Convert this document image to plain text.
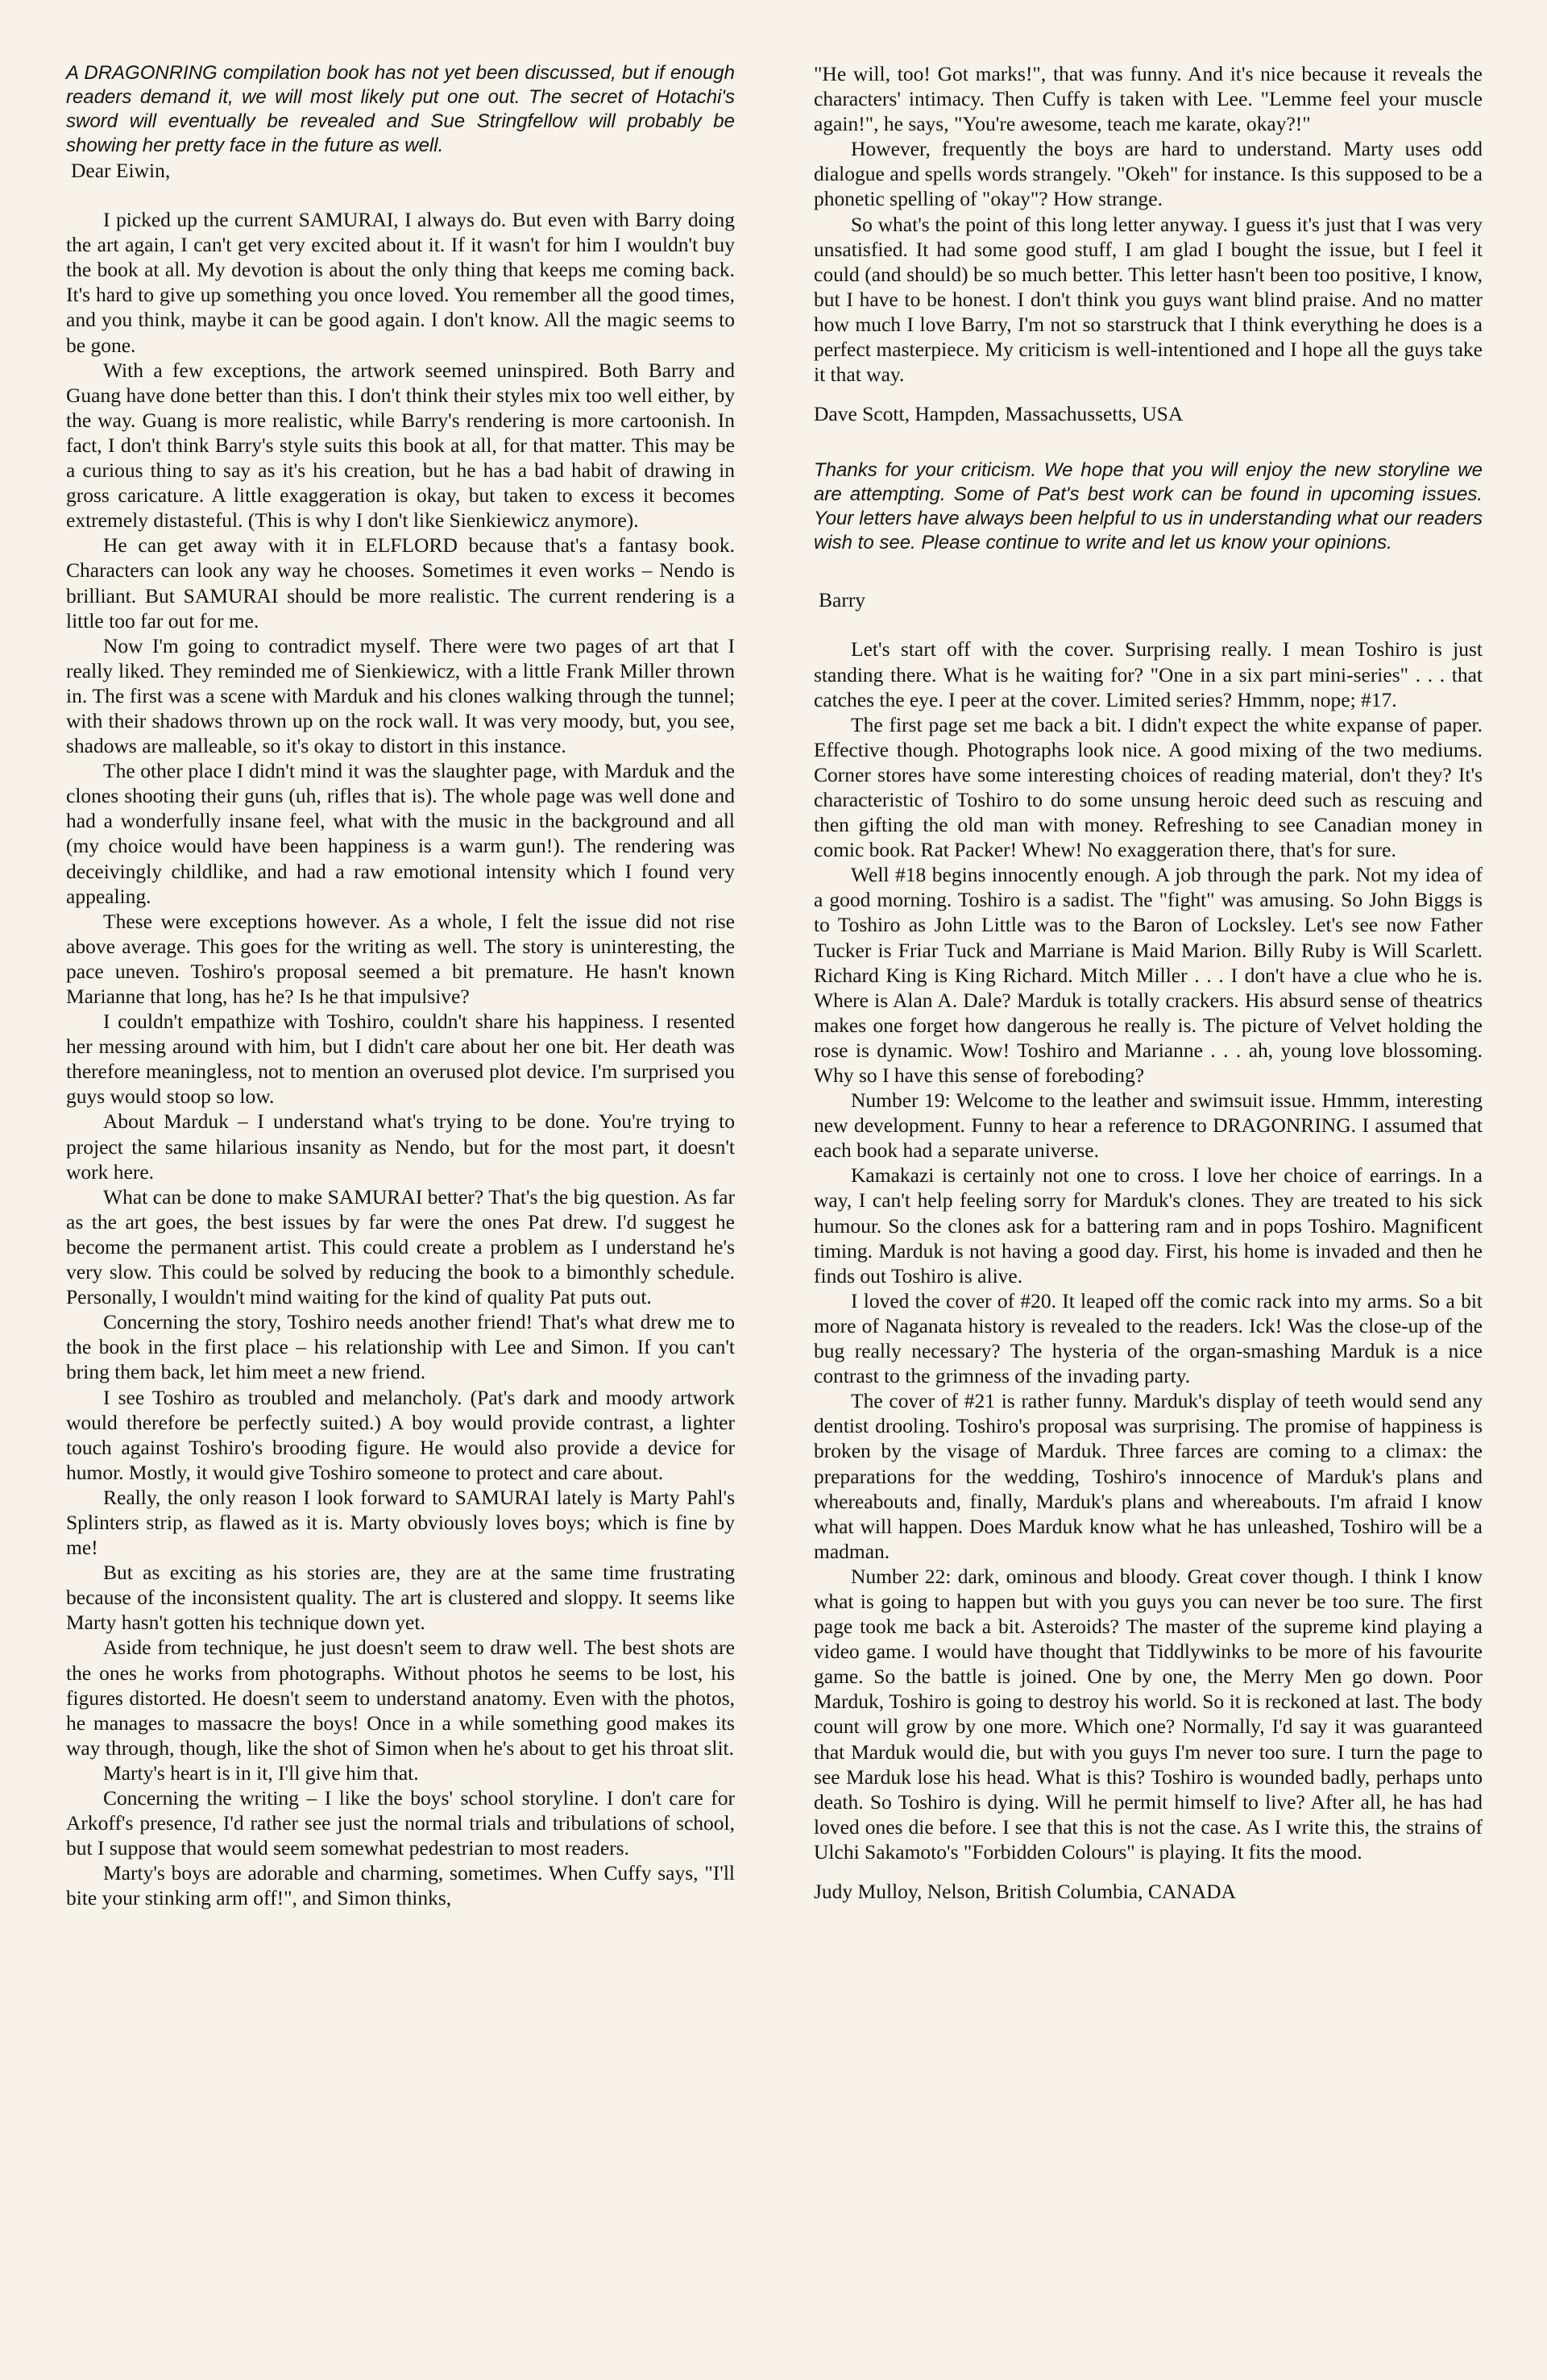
A DRAGONRING compilation book has not yet been discussed, but if enough readers demand it, we will most likely put one out. The secret of Hotachi's sword will eventually be revealed and Sue Stringfellow will probably be showing her pretty face in the future as well.

Dear Eiwin,

I picked up the current SAMURAI, I always do. But even with Barry doing the art again, I can't get very excited about it. If it wasn't for him I wouldn't buy the book at all. My devotion is about the only thing that keeps me coming back. It's hard to give up something you once loved. You remember all the good times, and you think, maybe it can be good again. I don't know. All the magic seems to be gone.

With a few exceptions, the artwork seemed uninspired. Both Barry and Guang have done better than this. I don't think their styles mix too well either, by the way. Guang is more realistic, while Barry's rendering is more cartoonish. In fact, I don't think Barry's style suits this book at all, for that matter. This may be a curious thing to say as it's his creation, but he has a bad habit of drawing in gross caricature. A little exaggeration is okay, but taken to excess it becomes extremely distasteful. (This is why I don't like Sienkiewicz anymore).

He can get away with it in ELFLORD because that's a fantasy book. Characters can look any way he chooses. Sometimes it even works – Nendo is brilliant. But SAMURAI should be more realistic. The current rendering is a little too far out for me.

Now I'm going to contradict myself. There were two pages of art that I really liked. They reminded me of Sienkiewicz, with a little Frank Miller thrown in. The first was a scene with Marduk and his clones walking through the tunnel; with their shadows thrown up on the rock wall. It was very moody, but, you see, shadows are malleable, so it's okay to distort in this instance.

The other place I didn't mind it was the slaughter page, with Marduk and the clones shooting their guns (uh, rifles that is). The whole page was well done and had a wonderfully insane feel, what with the music in the background and all (my choice would have been happiness is a warm gun!). The rendering was deceivingly childlike, and had a raw emotional intensity which I found very appealing.

These were exceptions however. As a whole, I felt the issue did not rise above average. This goes for the writing as well. The story is uninteresting, the pace uneven. Toshiro's proposal seemed a bit premature. He hasn't known Marianne that long, has he? Is he that impulsive?

I couldn't empathize with Toshiro, couldn't share his happiness. I resented her messing around with him, but I didn't care about her one bit. Her death was therefore meaningless, not to mention an overused plot device. I'm surprised you guys would stoop so low.

About Marduk – I understand what's trying to be done. You're trying to project the same hilarious insanity as Nendo, but for the most part, it doesn't work here.

What can be done to make SAMURAI better? That's the big question. As far as the art goes, the best issues by far were the ones Pat drew. I'd suggest he become the permanent artist. This could create a problem as I understand he's very slow. This could be solved by reducing the book to a bimonthly schedule. Personally, I wouldn't mind waiting for the kind of quality Pat puts out.

Concerning the story, Toshiro needs another friend! That's what drew me to the book in the first place – his relationship with Lee and Simon. If you can't bring them back, let him meet a new friend.

I see Toshiro as troubled and melancholy. (Pat's dark and moody artwork would therefore be perfectly suited.) A boy would provide contrast, a lighter touch against Toshiro's brooding figure. He would also provide a device for humor. Mostly, it would give Toshiro someone to protect and care about.

Really, the only reason I look forward to SAMURAI lately is Marty Pahl's Splinters strip, as flawed as it is. Marty obviously loves boys; which is fine by me!

But as exciting as his stories are, they are at the same time frustrating because of the inconsistent quality. The art is clustered and sloppy. It seems like Marty hasn't gotten his technique down yet.

Aside from technique, he just doesn't seem to draw well. The best shots are the ones he works from photographs. Without photos he seems to be lost, his figures distorted. He doesn't seem to understand anatomy. Even with the photos, he manages to massacre the boys! Once in a while something good makes its way through, though, like the shot of Simon when he's about to get his throat slit.

Marty's heart is in it, I'll give him that.

Concerning the writing – I like the boys' school storyline. I don't care for Arkoff's presence, I'd rather see just the normal trials and tribulations of school, but I suppose that would seem somewhat pedestrian to most readers.

Marty's boys are adorable and charming, sometimes. When Cuffy says, "I'll bite your stinking arm off!", and Simon thinks,

"He will, too! Got marks!", that was funny. And it's nice because it reveals the characters' intimacy. Then Cuffy is taken with Lee. "Lemme feel your muscle again!", he says, "You're awesome, teach me karate, okay?!"

However, frequently the boys are hard to understand. Marty uses odd dialogue and spells words strangely. "Okeh" for instance. Is this supposed to be a phonetic spelling of "okay"? How strange.

So what's the point of this long letter anyway. I guess it's just that I was very unsatisfied. It had some good stuff, I am glad I bought the issue, but I feel it could (and should) be so much better. This letter hasn't been too positive, I know, but I have to be honest. I don't think you guys want blind praise. And no matter how much I love Barry, I'm not so starstruck that I think everything he does is a perfect masterpiece. My criticism is well-intentioned and I hope all the guys take it that way.

Dave Scott, Hampden, Massachussetts, USA

Thanks for your criticism. We hope that you will enjoy the new storyline we are attempting. Some of Pat's best work can be found in upcoming issues. Your letters have always been helpful to us in understanding what our readers wish to see. Please continue to write and let us know your opinions.

Barry

Let's start off with the cover. Surprising really. I mean Toshiro is just standing there. What is he waiting for? "One in a six part mini-series" . . . that catches the eye. I peer at the cover. Limited series? Hmmm, nope; #17.

The first page set me back a bit. I didn't expect the white expanse of paper. Effective though. Photographs look nice. A good mixing of the two mediums. Corner stores have some interesting choices of reading material, don't they? It's characteristic of Toshiro to do some unsung heroic deed such as rescuing and then gifting the old man with money. Refreshing to see Canadian money in comic book. Rat Packer! Whew! No exaggeration there, that's for sure.

Well #18 begins innocently enough. A job through the park. Not my idea of a good morning. Toshiro is a sadist. The "fight" was amusing. So John Biggs is to Toshiro as John Little was to the Baron of Locksley. Let's see now Father Tucker is Friar Tuck and Marriane is Maid Marion. Billy Ruby is Will Scarlett. Richard King is King Richard. Mitch Miller . . . I don't have a clue who he is. Where is Alan A. Dale? Marduk is totally crackers. His absurd sense of theatrics makes one forget how dangerous he really is. The picture of Velvet holding the rose is dynamic. Wow! Toshiro and Marianne . . . ah, young love blossoming. Why so I have this sense of foreboding?

Number 19: Welcome to the leather and swimsuit issue. Hmmm, interesting new development. Funny to hear a reference to DRAGONRING. I assumed that each book had a separate universe.

Kamakazi is certainly not one to cross. I love her choice of earrings. In a way, I can't help feeling sorry for Marduk's clones. They are treated to his sick humour. So the clones ask for a battering ram and in pops Toshiro. Magnificent timing. Marduk is not having a good day. First, his home is invaded and then he finds out Toshiro is alive.

I loved the cover of #20. It leaped off the comic rack into my arms. So a bit more of Naganata history is revealed to the readers. Ick! Was the close-up of the bug really necessary? The hysteria of the organ-smashing Marduk is a nice contrast to the grimness of the invading party.

The cover of #21 is rather funny. Marduk's display of teeth would send any dentist drooling. Toshiro's proposal was surprising. The promise of happiness is broken by the visage of Marduk. Three farces are coming to a climax: the preparations for the wedding, Toshiro's innocence of Marduk's plans and whereabouts and, finally, Marduk's plans and whereabouts. I'm afraid I know what will happen. Does Marduk know what he has unleashed, Toshiro will be a madman.

Number 22: dark, ominous and bloody. Great cover though. I think I know what is going to happen but with you guys you can never be too sure. The first page took me back a bit. Asteroids? The master of the supreme kind playing a video game. I would have thought that Tiddlywinks to be more of his favourite game. So the battle is joined. One by one, the Merry Men go down. Poor Marduk, Toshiro is going to destroy his world. So it is reckoned at last. The body count will grow by one more. Which one? Normally, I'd say it was guaranteed that Marduk would die, but with you guys I'm never too sure. I turn the page to see Marduk lose his head. What is this? Toshiro is wounded badly, perhaps unto death. So Toshiro is dying. Will he permit himself to live? After all, he has had loved ones die before. I see that this is not the case. As I write this, the strains of Ulchi Sakamoto's "Forbidden Colours" is playing. It fits the mood.

Judy Mulloy, Nelson, British Columbia, CANADA
